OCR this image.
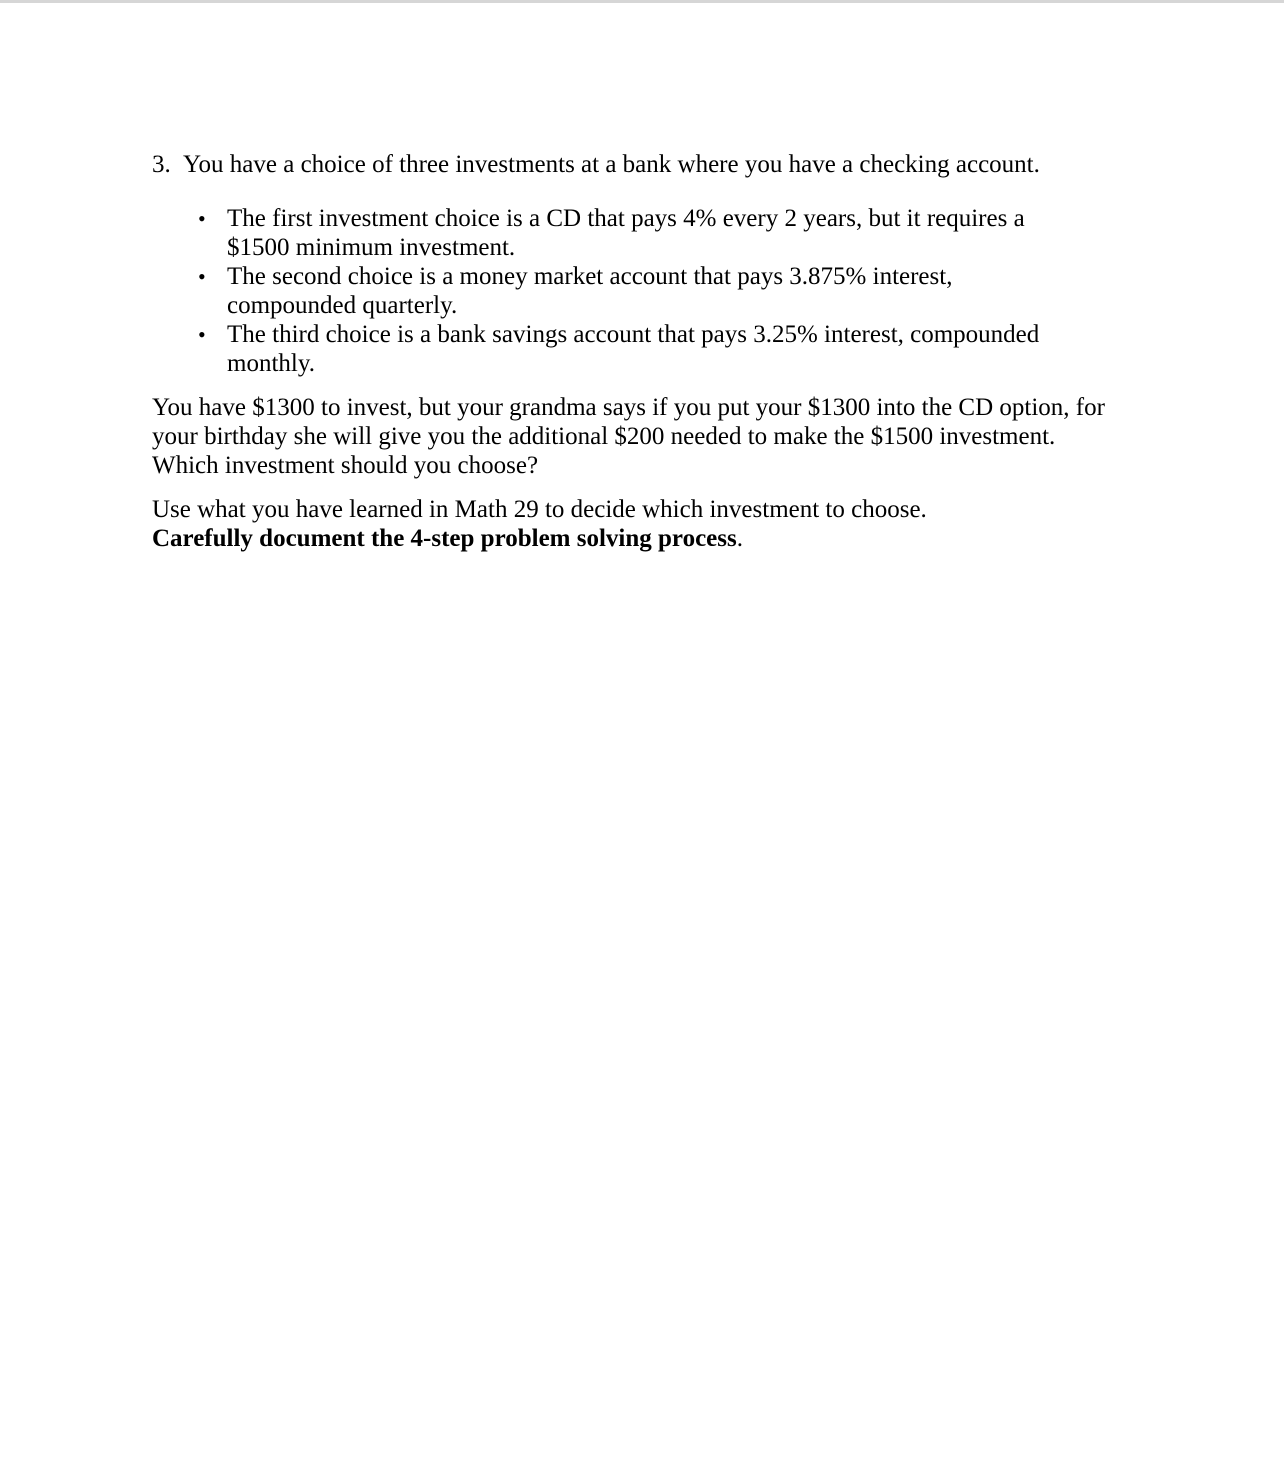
3. You have a choice of three investments at a bank where you have a checking account.

• The first investment choice is a CD that pays 4% every 2 years, but it requires a $1500 minimum investment.
• The second choice is a money market account that pays 3.875% interest, compounded quarterly.
• The third choice is a bank savings account that pays 3.25% interest, compounded monthly.

You have $1300 to invest, but your grandma says if you put your $1300 into the CD option, for your birthday she will give you the additional $200 needed to make the $1500 investment. Which investment should you choose?

Use what you have learned in Math 29 to decide which investment to choose.
Carefully document the 4-step problem solving process.
